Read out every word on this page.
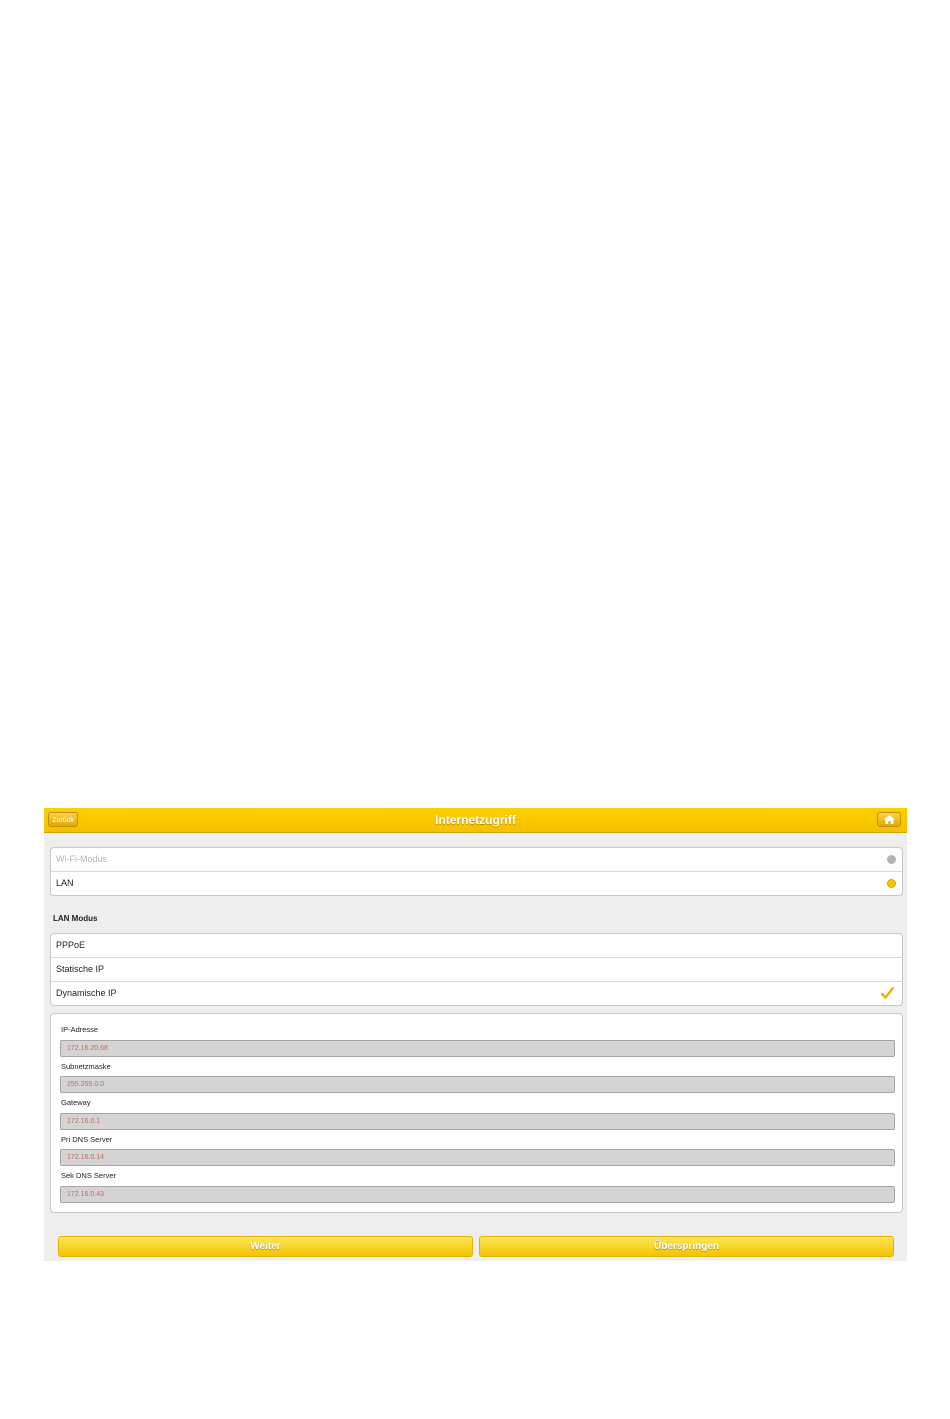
Zurück	Internetzugriff
Wi-Fi-Modus
LAN
LAN Modus
PPPoE
Statische IP
Dynamische IP
IP-Adresse
172.16.20.68
Subnetzmaske
255.255.0.0
Gateway
172.16.0.1
Pri DNS Server
172.16.0.14
Sek DNS Server
172.16.0.43
Weiter	Überspringen
